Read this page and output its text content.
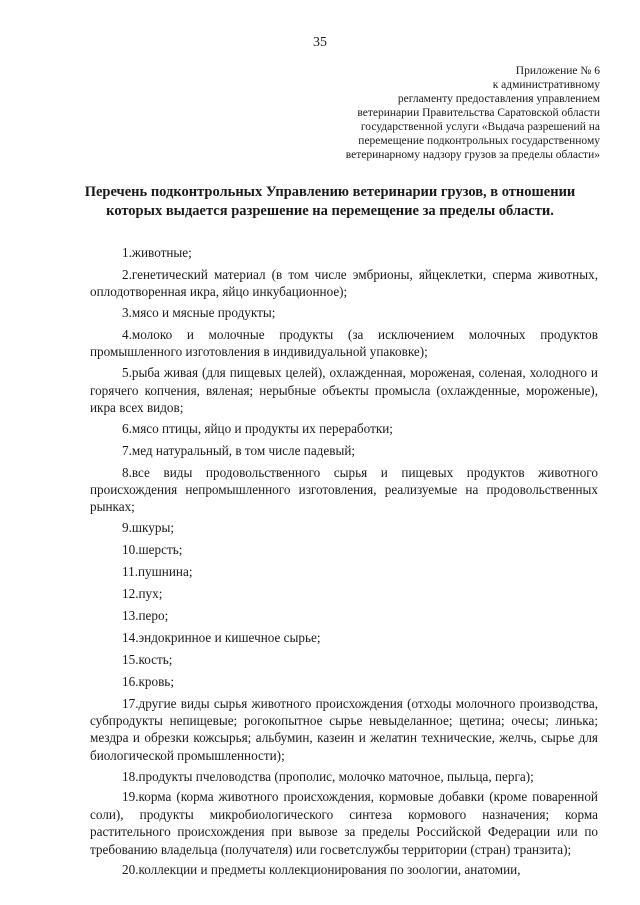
35
Приложение № 6
к административному
регламенту предоставления управлением
ветеринарии Правительства Саратовской области
государственной услуги «Выдача разрешений на
перемещение подконтрольных государственному
ветеринарному надзору грузов за пределы области»
Перечень подконтрольных Управлению ветеринарии грузов, в отношении которых выдается разрешение на перемещение за пределы области.

1.животные;

2.генетический материал (в том числе эмбрионы, яйцеклетки, сперма животных, оплодотворенная икра, яйцо инкубационное);

3.мясо и мясные продукты;

4.молоко и молочные продукты (за исключением молочных продуктов промышленного изготовления в индивидуальной упаковке);

5.рыба живая (для пищевых целей), охлажденная, мороженая, соленая, холодного и горячего копчения, вяленая; нерыбные объекты промысла (охлажденные, мороженые), икра всех видов;

6.мясо птицы, яйцо и продукты их переработки;

7.мед натуральный, в том числе падевый;

8.все виды продовольственного сырья и пищевых продуктов животного происхождения непромышленного изготовления, реализуемые на продовольственных рынках;

9.шкуры;

10.шерсть;

11.пушнина;

12.пух;

13.перо;

14.эндокринное и кишечное сырье;

15.кость;

16.кровь;

17.другие виды сырья животного происхождения (отходы молочного производства, субпродукты непищевые; рогокопытное сырье невыделанное; щетина; очесы; линька; мездра и обрезки кожсырья; альбумин, казеин и желатин технические, желчь, сырье для биологической промышленности);

18.продукты пчеловодства (прополис, молочко маточное, пыльца, перга);

19.корма (корма животного происхождения, кормовые добавки (кроме поваренной соли), продукты микробиологического синтеза кормового назначения; корма растительного происхождения при вывозе за пределы Российской Федерации или по требованию владельца (получателя) или госветслужбы территории (стран) транзита);

20.коллекции и предметы коллекционирования по зоологии, анатомии,
